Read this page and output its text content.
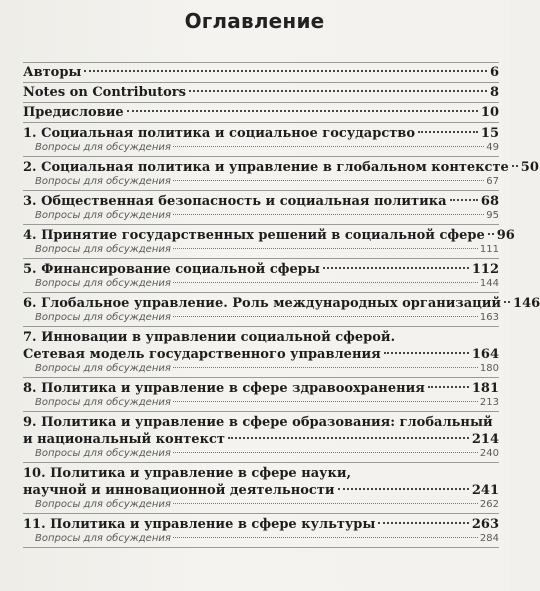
Оглавление
Авторы	6
Notes on Contributors	8
Предисловие	10
1. Социальная политика и социальное государство	15
Вопросы для обсуждения	49
2. Социальная политика и управление в глобальном контексте 50
Вопросы для обсуждения	67
3. Общественная безопасность и социальная политика	68
Вопросы для обсуждения	95
4. Принятие государственных решений в социальной сфере 96
Вопросы для обсуждения	111
5. Финансирование социальной сферы	112
Вопросы для обсуждения	144
6. Глобальное управление. Роль международных организаций 146
Вопросы для обсуждения	163
7. Инновации в управлении социальной сферой.
Сетевая модель государственного управления	164
Вопросы для обсуждения	180
8. Политика и управление в сфере здравоохранения	181
Вопросы для обсуждения	213
9. Политика и управление в сфере образования: глобальный
и национальный контекст	214
Вопросы для обсуждения	240
10. Политика и управление в сфере науки,
научной и инновационной деятельности	241
Вопросы для обсуждения	262
11. Политика и управление в сфере культуры	263
Вопросы для обсуждения	284
